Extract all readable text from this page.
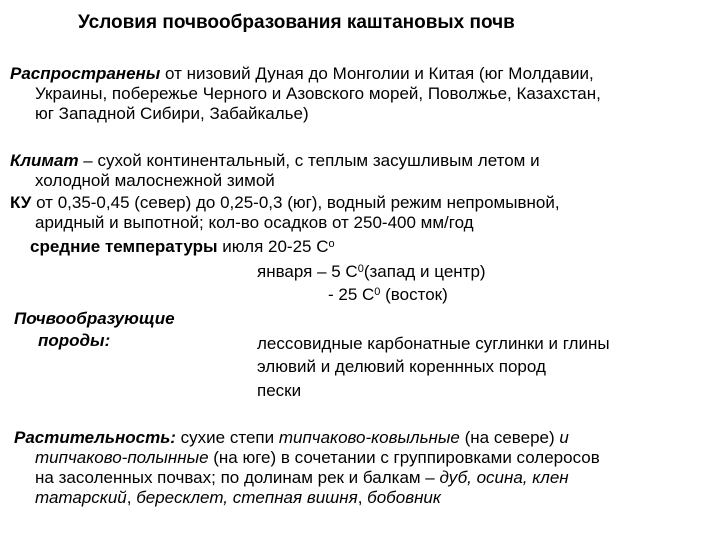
Условия почвообразования каштановых почв
Распространены от низовий Дуная до Монголии и Китая (юг Молдавии,
Украины, побережье Черного и Азовского морей, Поволжье, Казахстан,
юг Западной Сибири, Забайкалье)
Климат – сухой континентальный, с теплым засушливым летом и
холодной малоснежной зимой
КУ от 0,35-0,45 (север) до 0,25-0,3 (юг), водный режим непромывной,
аридный и выпотной; кол-во осадков от 250-400 мм/год
средние температуры июля 20-25 $С^о$
января – 5 $С^0(запад$ и центр)
- 25 $С^0$ (восток)
Почвообразующие
породы:	лессовидные карбонатные суглинки и глины
элювий и делювий кореннных пород
пески
Растительность: сухие степи типчаково-ковыльные (на севере) и
типчаково-полынные (на юге) в сочетании с группировками солеросов
на засоленных почвах; по долинам рек и балкам – дуб, осина, клен
татарский, бересклет, степная вишня, бобовник
